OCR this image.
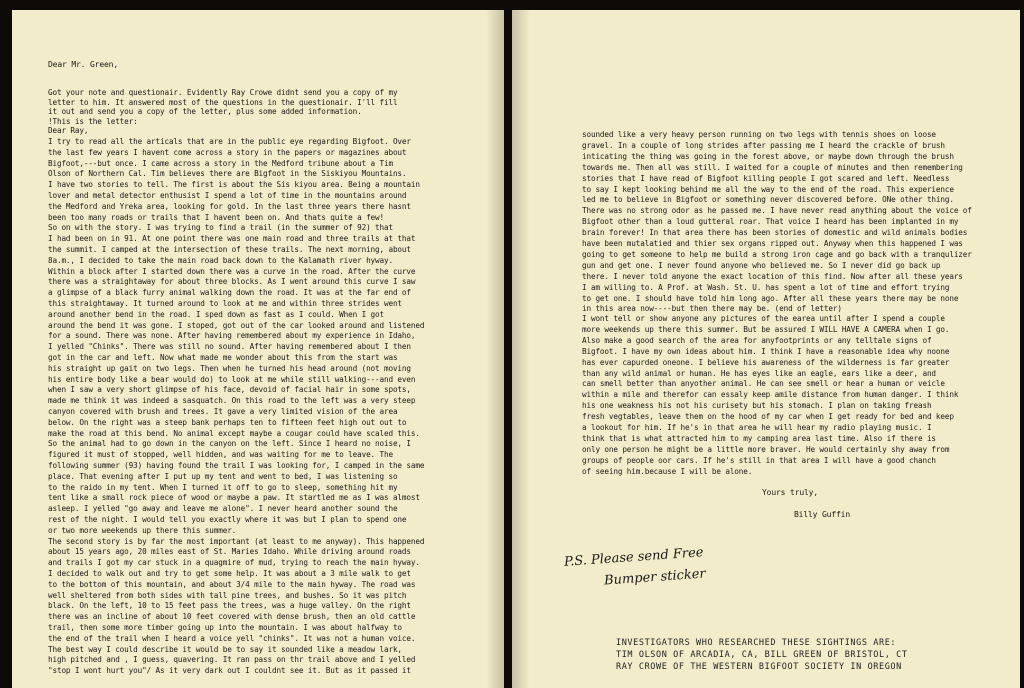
Dear Mr. Green,
Got your note and questionair. Evidently Ray Crowe didnt send you a copy of my
letter to him. It answered most of the questions in the questionair. I'll fill
it out and send you a copy of the letter, plus some added information.
!This is the letter:
Dear Ray,
I try to read all the articals that are in the public eye regarding Bigfoot. Over
the last few years I havent come across a story in the papers or magazines about
Bigfoot,---but once. I came across a story in the Medford tribune about a Tim
Olson of Northern Cal. Tim believes there are Bigfoot in the Siskiyou Mountains.
I have two stories to tell. The first is about the Sis kiyou area. Being a mountain
lover and metal detector enthusist I spend a lot of time in the mountains around
the Medford and Yreka area, looking for gold. In the last three years there hasnt
been too many roads or trails that I havent been on. And thats quite a few!
So on with the story. I was trying to find a trail (in the summer of 92) that
I had been on in 91. At one point there was one main road and three trails at that
the summit. I camped at the intersection of these trails. The next morning, about
8a.m., I decided to take the main road back down to the Kalamath river hyway.
Within a block after I started down there was a curve in the road. After the curve
there was a straightaway for about three blocks. As I went around this curve I saw
a glimpse of a black furry animal walking down the road. It was at the far end of
this straightaway. It turned around to look at me and within three strides went
around another bend in the road. I sped down as fast as I could. When I got
around the bend it was gone. I stoped, got out of the car looked around and listened
for a sound. There was none. After having remembered about my experience in Idaho,
I yelled "Chinks". There was still no sound. After having remembered about I then
got in the car and left. Now what made me wonder about this from the start was
his straight up gait on two legs. Then when he turned his head around (not moving
his entire body like a bear would do) to look at me while still walking---and even
when I saw a very short glimpse of his face, devoid of facial hair in some spots,
made me think it was indeed a sasquatch. On this road to the left was a very steep
canyon covered with brush and trees. It gave a very limited vision of the area
below. On the right was a steep bank perhaps ten to fifteen feet high out out to
make the road at this bend. No animal except maybe a cougar could have scaled this.
So the animal had to go down in the canyon on the left. Since I heard no noise, I
figured it must of stopped, well hidden, and was waiting for me to leave. The
following summer (93) having found the trail I was looking for, I camped in the same
place. That evening after I put up my tent and went to bed, I was listening so
to the raido in my tent. When I turned it off to go to sleep, something hit my
tent like a small rock piece of wood or maybe a paw. It startled me as I was almost
asleep. I yelled "go away and leave me alone". I never heard another sound the
rest of the night. I would tell you exactly where it was but I plan to spend one
or two more weekends up there this summer.
The second story is by far the most important (at least to me anyway). This happened
about 15 years ago, 20 miles east of St. Maries Idaho. While driving around roads
and trails I got my car stuck in a quagmire of mud, trying to reach the main hyway.
I decided to walk out and try to get some help. It was about a 3 mile walk to get
to the bottom of this mountain, and about 3/4 mile to the main hyway. The road was
well sheltered from both sides with tall pine trees, and bushes. So it was pitch
black. On the left, 10 to 15 feet pass the trees, was a huge valley. On the right
there was an incline of about 10 feet covered with dense brush, then an old cattle
trail, then some more timber going up into the mountain. I was about halfway to
the end of the trail when I heard a voice yell "chinks". It was not a human voice.
The best way I could describe it would be to say it sounded like a meadow lark,
high pitched and , I guess, quavering. It ran pass on thr trail above and I yelled
"stop I wont hurt you"/ As it very dark out I couldnt see it. But as it passed it
sounded like a very heavy person running on two legs with tennis shoes on loose
gravel. In a couple of long strides after passing me I heard the crackle of brush
inticating the thing was going in the forest above, or maybe down through the brush
towards me. Then all was still. I waited for a couple of minutes and then remembering
stories that I have read of Bigfoot killing people I got scared and left. Needless
to say I kept looking behind me all the way to the end of the road. This experience
led me to believe in Bigfoot or something never discovered before. ONe other thing.
There was no strong odor as he passed me. I have never read anything about the voice of
Bigfoot other than a loud gutteral roar. That voice I heard has been implanted in my
brain forever! In that area there has been stories of domestic and wild animals bodies
have been mutalatied and thier sex organs ripped out. Anyway when this happened I was
going to get someone to help me build a strong iron cage and go back with a tranqulizer
gun and get one. I never found anyone who believed me. So I never did go back up
there. I never told anyone the exact location of this find. Now after all these years
I am willing to. A Prof. at Wash. St. U. has spent a lot of time and effort trying
to get one. I should have told him long ago. After all these years there may be none
in this area now----but then there may be. (end of letter)
I wont tell or show anyone any pictures of the earea until after I spend a couple
more weekends up there this summer. But be assured I WILL HAVE A CAMERA when I go.
Also make a good search of the area for anyfootprints or any telltale signs of
Bigfoot. I have my own ideas about him. I think I have a reasonable idea why noone
has ever capurded oneone. I believe his awareness of the wilderness is far greater
than any wild animal or human. He has eyes like an eagle, ears like a deer, and
can smell better than anyother animal. He can see smell or hear a human or veicle
within a mile and therefor can essaly keep amile distance from human danger. I think
his one weakness his not his curisety but his stomach. I plan on taking freash
fresh vegtables, leave them on the hood of my car when I get ready for bed and keep
a lookout for him. If he's in that area he will hear my radio playing music. I
think that is what attracted him to my camping area last time. Also if there is
only one person he might be a little more braver. He would certainly shy away from
groups of people oor cars. If he's still in that area I will have a good chanch
of seeing him.because I will be alone.
Yours truly,
Billy Guffin
P.S. Please send Free
Bumper sticker
INVESTIGATORS WHO RESEARCHED THESE SIGHTINGS ARE:
TIM OLSON OF ARCADIA, CA, BILL GREEN OF BRISTOL, CT
RAY CROWE OF THE WESTERN BIGFOOT SOCIETY IN OREGON
